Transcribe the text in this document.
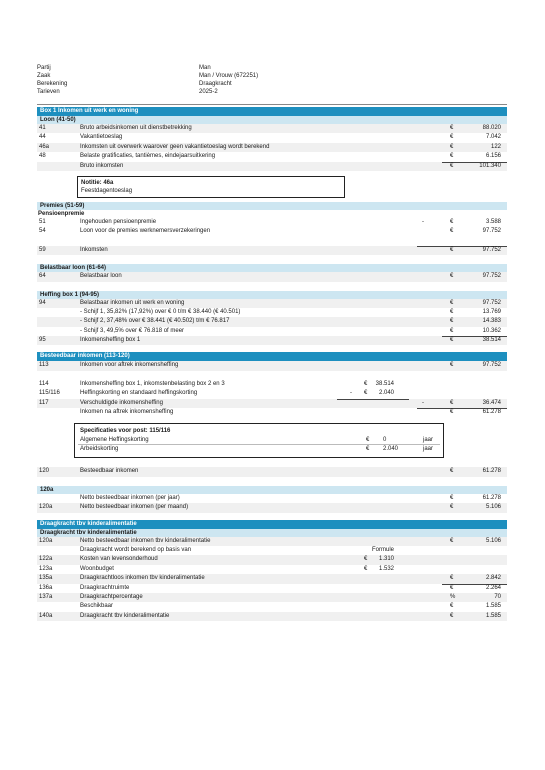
Partij	Man
Zaak	Man / Vrouw (672251)
Berekening	Draagkracht
Tarieven	2025-2
Box 1 Inkomen uit werk en woning
Loon (41-50)
41	Bruto arbeidsinkomen uit dienstbetrekking	€	88.020
44	Vakantietoeslag	€	7.042
46a	Inkomsten uit overwerk waarover geen vakantietoeslag wordt berekend	€	122
48	Belaste gratificaties, tantièmes, eindejaarsuitkering	€	6.156
Bruto inkomsten	€	101.340
Notitie: 46a
Feestdagentoeslag
Premies (51-59)
Pensioenpremie
51	Ingehouden pensioenpremie	-	€	3.588
54	Loon voor de premies werknemersverzekeringen	€	97.752
59	Inkomsten	€	97.752
Belastbaar loon (61-64)
64	Belastbaar loon	€	97.752
Heffing box 1 (94-95)
94	Belastbaar inkomen uit werk en woning	€	97.752
- Schijf 1, 35,82% (17,92%) over € 0 t/m € 38.440 (€ 40.501)	€	13.769
- Schijf 2, 37,48% over € 38.441 (€ 40.502) t/m € 76.817	€	14.383
- Schijf 3, 49,5% over € 76.818 of meer	€	10.362
95	Inkomensheffing box 1	€	38.514
Besteedbaar inkomen (113-120)
113	Inkomen voor aftrek inkomensheffing	€	97.752
114	Inkomensheffing box 1, inkomstenbelasting box 2 en 3	€ 38.514
115/116	Heffingskorting en standaard heffingskorting	- € 2.040
117	Verschuldigde inkomensheffing	-	€	36.474
Inkomen na aftrek inkomensheffing	€	61.278
Specificaties voor post: 115/116
Algemene Heffingskorting	€ 0	jaar
Arbeidskorting	€ 2.040	jaar
120	Besteedbaar inkomen	€	61.278
120a
Netto besteedbaar inkomen (per jaar)	€	61.278
120a	Netto besteedbaar inkomen (per maand)	€	5.106
Draagkracht tbv kinderalimentatie
Draagkracht tbv kinderalimentatie
120a	Netto besteedbaar inkomen tbv kinderalimentatie	€	5.106
Draagkracht wordt berekend op basis van	Formule
122a	Kosten van levensonderhoud	€ 1.310
123a	Woonbudget	€ 1.532
135a	Draagkrachtloos inkomen tbv kinderalimentatie	€	2.842
136a	Draagkrachtruimte	€	2.264
137a	Draagkrachtpercentage	%	70
Beschikbaar	€	1.585
140a	Draagkracht tbv kinderalimentatie	€	1.585
